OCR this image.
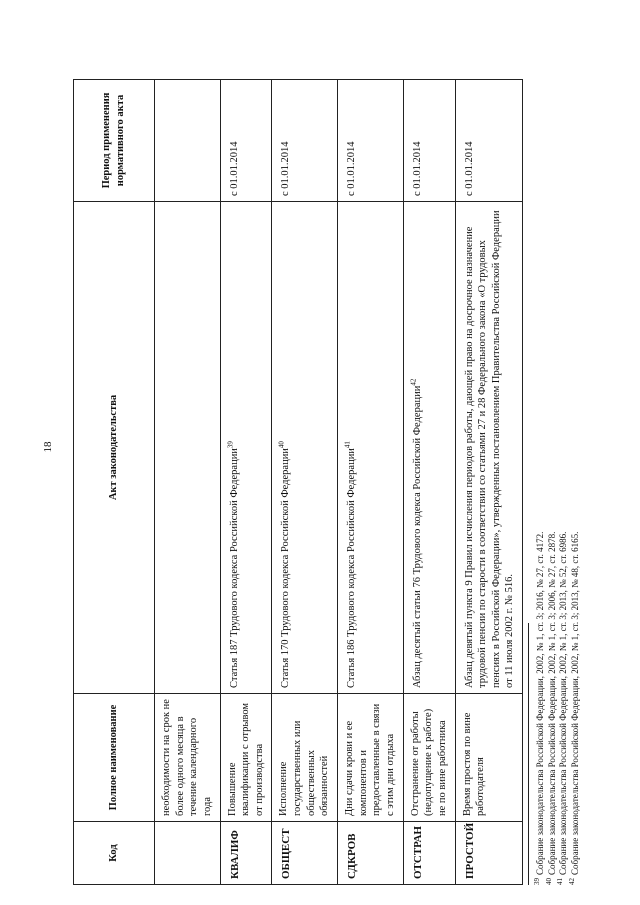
18
Код	Полное наименование	Акт законодательства	Период применения нормативного акта
	необходимости на срок не более одного месяца в течение календарного года		
КВАЛИФ	Повышение квалификации с отрывом от производства	Статья 187 Трудового кодекса Российской Федерации$^{39}$	с 01.01.2014
ОБЩЕСТ	Исполнение государственных или общественных обязанностей	Статья 170 Трудового кодекса Российской Федерации$^{40}$	с 01.01.2014
СДКРОВ	Дни сдачи крови и ее компонентов и предоставленные в связи с этим дни отдыха	Статья 186 Трудового кодекса Российской Федерации$^{41}$	с 01.01.2014
ОТСТРАН	Отстранение от работы (недопущение к работе) не по вине работника	Абзац десятый статьи 76 Трудового кодекса Российской Федерации$^{42}$	с 01.01.2014
ПРОСТОЙ	Время простоя по вине работодателя	Абзац девятый пункта 9 Правил исчисления периодов работы, дающей право на досрочное назначение трудовой пенсии по старости в соответствии со статьями 27 и 28 Федерального закона «О трудовых пенсиях в Российской Федерации», утвержденных постановлением Правительства Российской Федерации от 11 июля 2002 г. № 516.	с 01.01.2014
$^{39}$Собрание законодательства Российской Федерации, 2002, № 1, ст. 3; 2016, № 27, ст. 4172.
$^{40}$Собрание законодательства Российской Федерации, 2002, № 1, ст. 3; 2006, № 27, ст. 2878.
$^{41}$Собрание законодательства Российской Федерации, 2002, № 1, ст. 3; 2013, № 52, ст. 6986.
$^{42}$Собрание законодательства Российской Федерации, 2002, № 1, ст. 3; 2013, № 48, ст. 6165.
